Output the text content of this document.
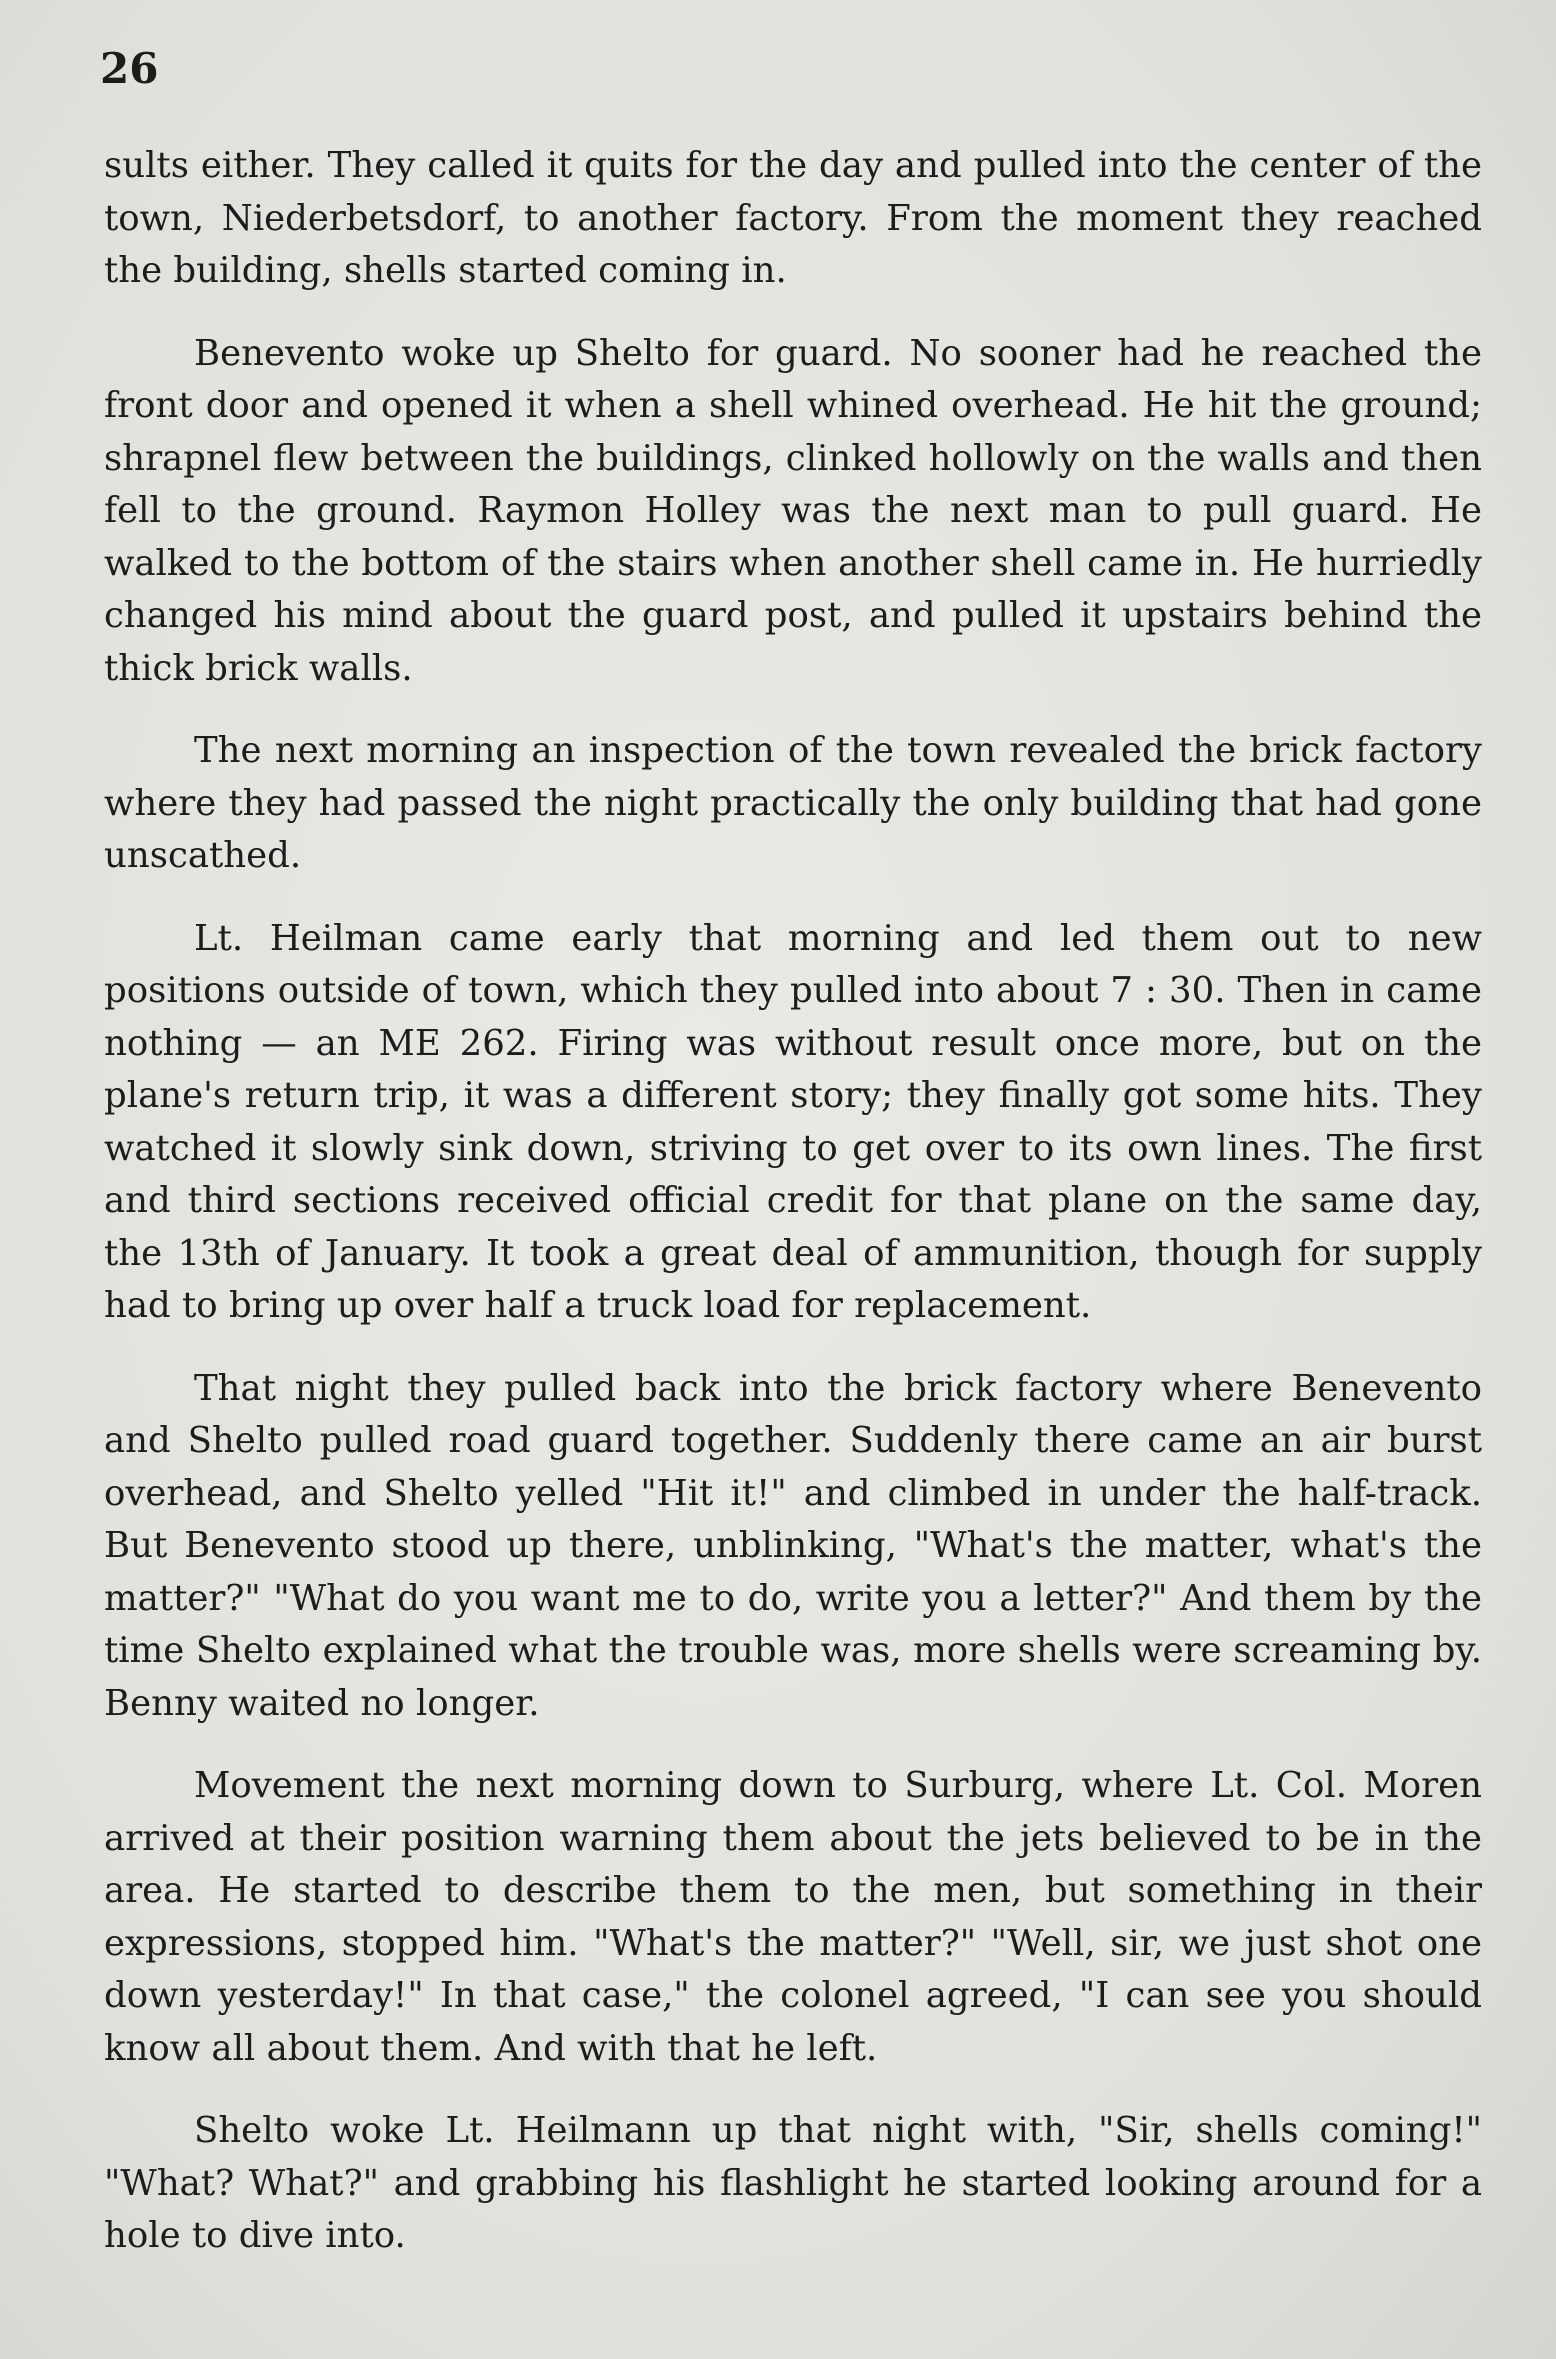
26

sults either. They called it quits for the day and pulled into the center of the town, Niederbetsdorf, to another factory. From the moment they reached the building, shells started coming in.

Benevento woke up Shelto for guard. No sooner had he reached the front door and opened it when a shell whined overhead. He hit the ground; shrapnel flew between the buildings, clinked hollowly on the walls and then fell to the ground. Raymon Holley was the next man to pull guard. He walked to the bottom of the stairs when another shell came in. He hurriedly changed his mind about the guard post, and pulled it upstairs behind the thick brick walls.

The next morning an inspection of the town revealed the brick factory where they had passed the night practically the only building that had gone unscathed.

Lt. Heilman came early that morning and led them out to new positions outside of town, which they pulled into about 7 : 30. Then in came nothing — an ME 262. Firing was without result once more, but on the plane's return trip, it was a different story; they finally got some hits. They watched it slowly sink down, striving to get over to its own lines. The first and third sections received official credit for that plane on the same day, the 13th of January. It took a great deal of ammunition, though for supply had to bring up over half a truck load for replacement.

That night they pulled back into the brick factory where Benevento and Shelto pulled road guard together. Suddenly there came an air burst overhead, and Shelto yelled "Hit it!" and climbed in under the half-track. But Benevento stood up there, unblinking, "What's the matter, what's the matter?" "What do you want me to do, write you a letter?" And them by the time Shelto explained what the trouble was, more shells were screaming by. Benny waited no longer.

Movement the next morning down to Surburg, where Lt. Col. Moren arrived at their position warning them about the jets believed to be in the area. He started to describe them to the men, but something in their expressions, stopped him. "What's the matter?" "Well, sir, we just shot one down yesterday!" In that case," the colonel agreed, "I can see you should know all about them. And with that he left.

Shelto woke Lt. Heilmann up that night with, "Sir, shells coming!" "What? What?" and grabbing his flashlight he started looking around for a hole to dive into.
